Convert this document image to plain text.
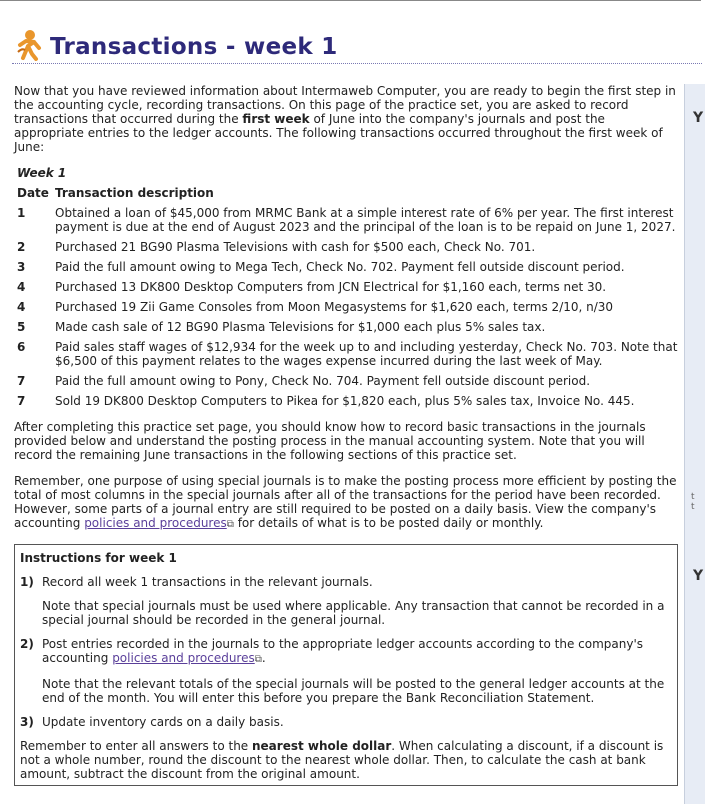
Transactions - week 1

Now that you have reviewed information about Intermaweb Computer, you are ready to begin the first step in the accounting cycle, recording transactions. On this page of the practice set, you are asked to record transactions that occurred during the first week of June into the company's journals and post the appropriate entries to the ledger accounts. The following transactions occurred throughout the first week of June:

Week 1
Date	Transaction description
1	Obtained a loan of $45,000 from MRMC Bank at a simple interest rate of 6% per year. The first interest payment is due at the end of August 2023 and the principal of the loan is to be repaid on June 1, 2027.
2	Purchased 21 BG90 Plasma Televisions with cash for $500 each, Check No. 701.
3	Paid the full amount owing to Mega Tech, Check No. 702. Payment fell outside discount period.
4	Purchased 13 DK800 Desktop Computers from JCN Electrical for $1,160 each, terms net 30.
4	Purchased 19 Zii Game Consoles from Moon Megasystems for $1,620 each, terms 2/10, n/30
5	Made cash sale of 12 BG90 Plasma Televisions for $1,000 each plus 5% sales tax.
6	Paid sales staff wages of $12,934 for the week up to and including yesterday, Check No. 703. Note that $6,500 of this payment relates to the wages expense incurred during the last week of May.
7	Paid the full amount owing to Pony, Check No. 704. Payment fell outside discount period.
7	Sold 19 DK800 Desktop Computers to Pikea for $1,820 each, plus 5% sales tax, Invoice No. 445.

After completing this practice set page, you should know how to record basic transactions in the journals provided below and understand the posting process in the manual accounting system. Note that you will record the remaining June transactions in the following sections of this practice set.

Remember, one purpose of using special journals is to make the posting process more efficient by posting the total of most columns in the special journals after all of the transactions for the period have been recorded. However, some parts of a journal entry are still required to be posted on a daily basis. View the company's accounting policies and procedures⧉ for details of what is to be posted daily or monthly.

Instructions for week 1
1) Record all week 1 transactions in the relevant journals.

Note that special journals must be used where applicable. Any transaction that cannot be recorded in a special journal should be recorded in the general journal.

2) Post entries recorded in the journals to the appropriate ledger accounts according to the company's accounting policies and procedures⧉.

Note that the relevant totals of the special journals will be posted to the general ledger accounts at the end of the month. You will enter this before you prepare the Bank Reconciliation Statement.

3) Update inventory cards on a daily basis.

Remember to enter all answers to the nearest whole dollar. When calculating a discount, if a discount is not a whole number, round the discount to the nearest whole dollar. Then, to calculate the cash at bank amount, subtract the discount from the original amount.

Y
t
t
Y
